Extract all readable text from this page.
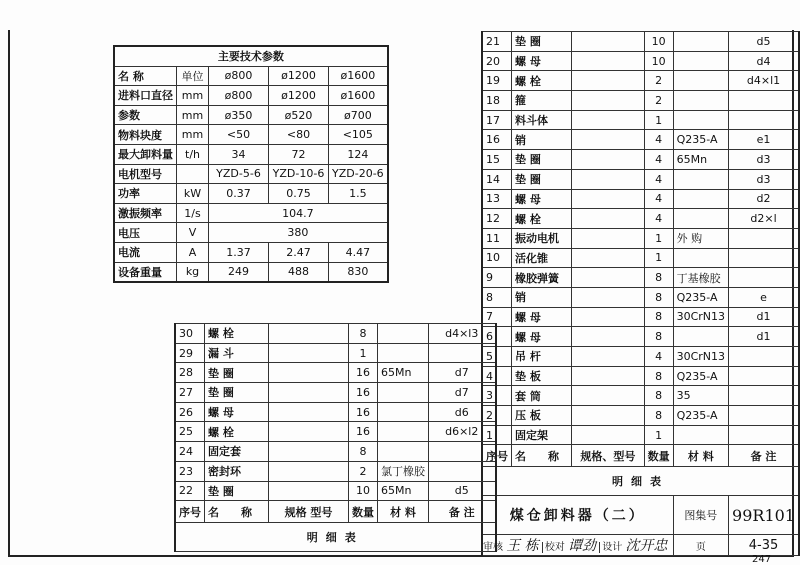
主要技术参数				
名 称	单位	ø800	ø1200	ø1600
进料口直径	mm	ø800	ø1200	ø1600
参数	mm	ø350	ø520	ø700
物料块度	mm	<50	<80	<105
最大卸料量	t/h	34	72	124
电机型号		YZD-5-6	YZD-10-6	YZD-20-6
功率	kW	0.37	0.75	1.5
激振频率	1/s	104.7		
电压	V	380		
电流	A	1.37	2.47	4.47
设备重量	kg	249	488	830
21	垫 圈		10		d5
20	螺 母		10		d4
19	螺 栓		2		d4×l1
18	箍		2		
17	料斗体		1		
16	销		4	Q235-A	e1
15	垫 圈		4	65Mn	d3
14	垫 圈		4		d3
13	螺 母		4		d2
12	螺 栓		4		d2×l
11	振动电机		1	外 购	
10	活化锥		1		
9	橡胶弹簧		8	丁基橡胶	
8	销		8	Q235-A	e
7	螺 母		8	30CrN13	d1
6	螺 母		8		d1
5	吊 杆		4	30CrN13	
4	垫 板		8	Q235-A	
3	套 筒		8	35	
2	压 板		8	Q235-A	
1	固定架		1		
序号	名　　称	规格、型号	数量	材 料	备 注
明细表					
煤仓卸料器（二）				图集号	99R101
审核 王 栋 校对 谭劲 设计 沈开忠				页	4-35
30	螺 栓		8		d4×l3
29	漏 斗		1		
28	垫 圈		16	65Mn	d7
27	垫 圈		16		d7
26	螺 母		16		d6
25	螺 栓		16		d6×l2
24	固定套		8		
23	密封环		2	氯丁橡胶	
22	垫 圈		10	65Mn	d5
序号	名　　称	规格 型号	数量	材 料	备 注
明细表					
247
